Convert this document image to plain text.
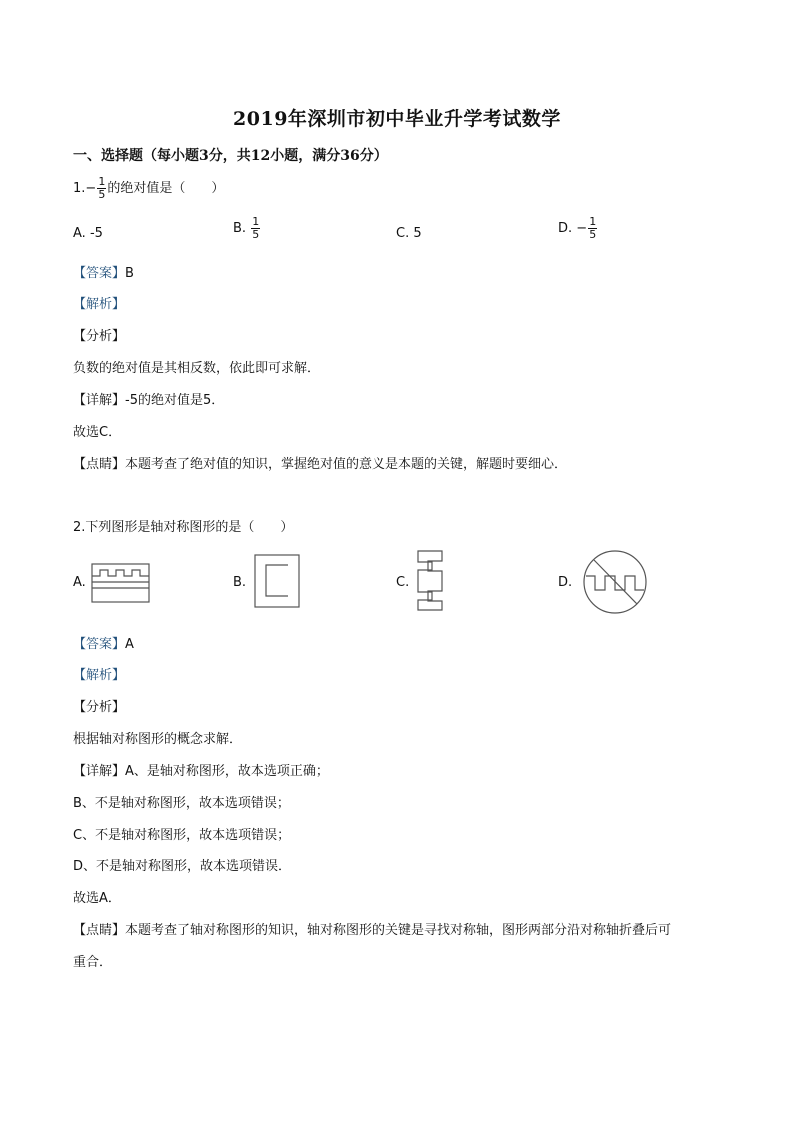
2019年深圳市初中毕业升学考试数学
一、选择题（每小题3分，共12小题，满分36分）
$1.- \frac{1}{5}$ 的绝对值是（　　）
A. -5	B. $\frac{1}{5}$	C. 5	D. − $\frac{1}{5}$
【答案】B
【解析】
【分析】
负数的绝对值是其相反数，依此即可求解．
【详解】-5的绝对值是5．
故选C．
【点睛】本题考查了绝对值的知识，掌握绝对值的意义是本题的关键，解题时要细心．
2.下列图形是轴对称图形的是（　　）
A.	B.	C.	D.
【答案】A
【解析】
【分析】
根据轴对称图形的概念求解．
【详解】A、是轴对称图形，故本选项正确；
B、不是轴对称图形，故本选项错误；
C、不是轴对称图形，故本选项错误；
D、不是轴对称图形，故本选项错误．
故选A．
【点睛】本题考查了轴对称图形的知识，轴对称图形的关键是寻找对称轴，图形两部分沿对称轴折叠后可
重合．
